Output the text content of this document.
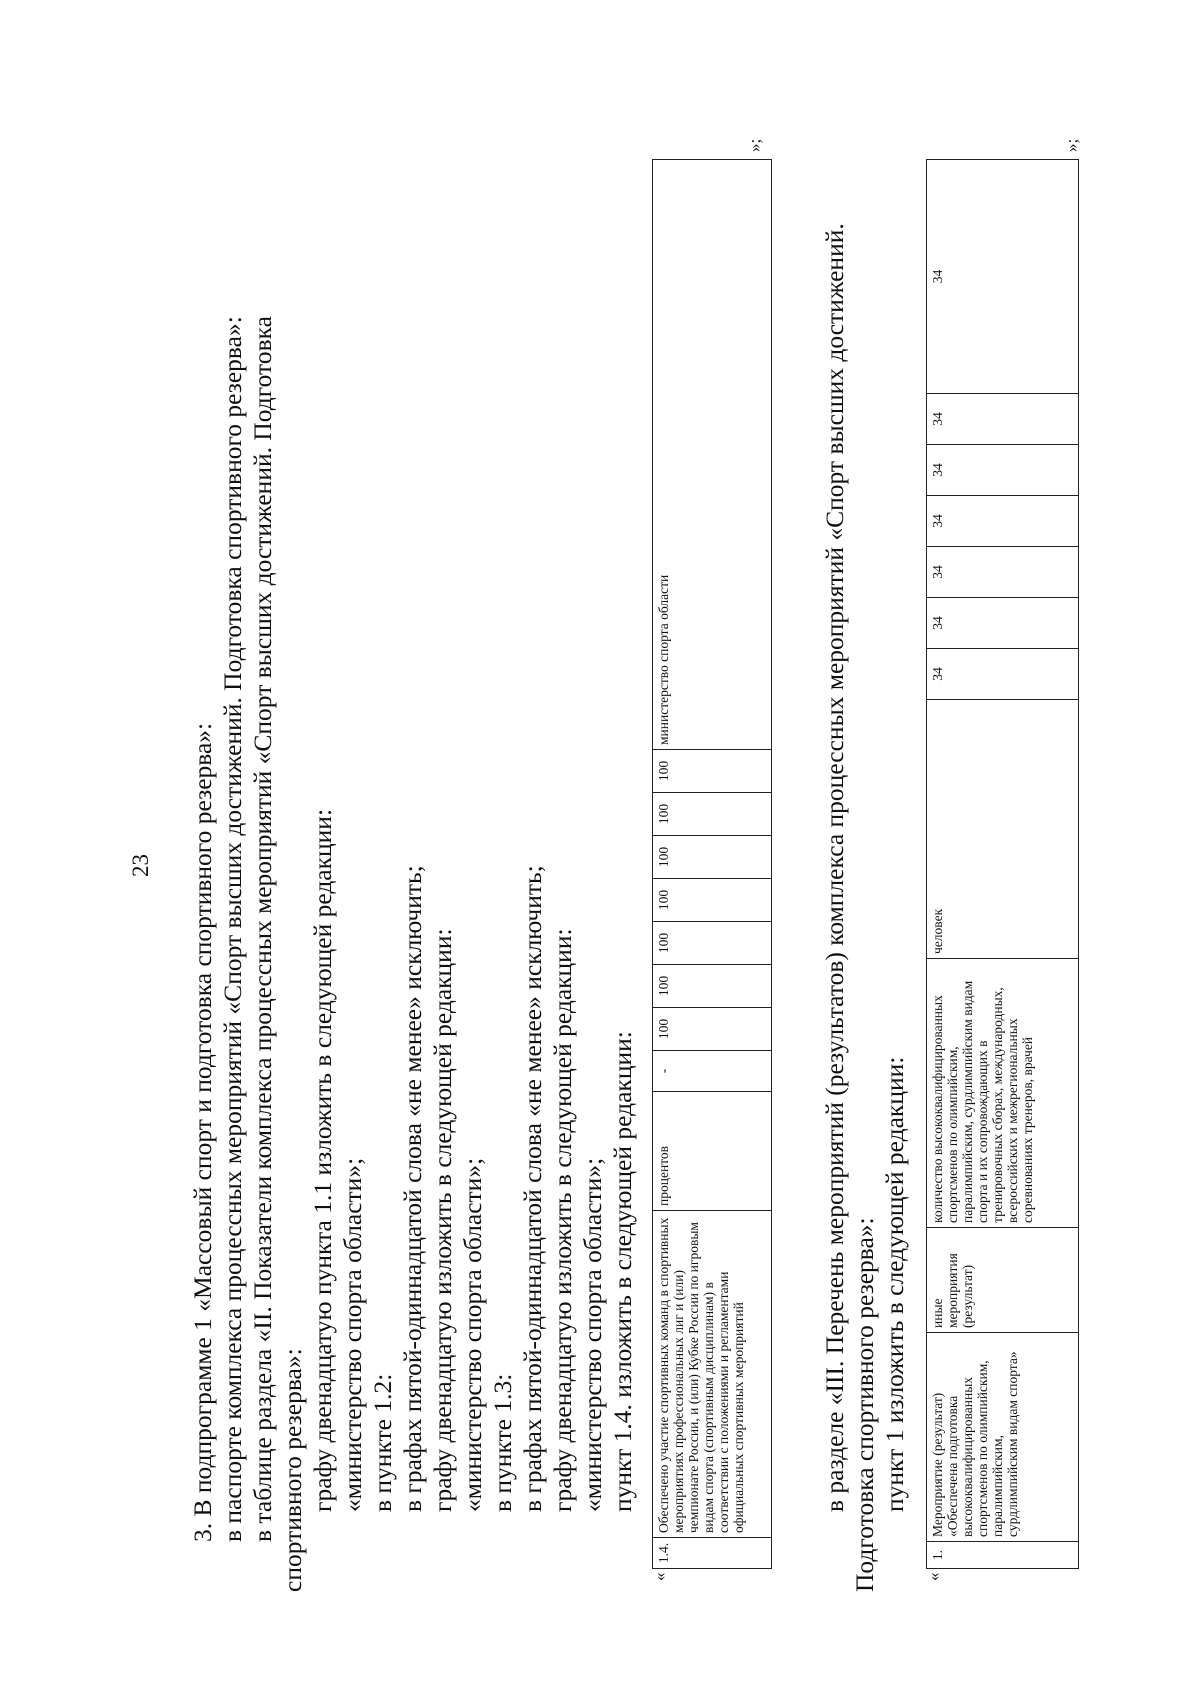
23 3. В подпрограмме 1 «Массовый спорт и подготовка спортивного резерва»: в паспорте комплекса процессных мероприятий «Спорт высших достижений. Подготовка спортивного резерва»: в таблице раздела «II. Показатели комплекса процессных мероприятий «Спорт высших достижений. Подготовка спортивного резерва»: графу двенадцатую пункта 1.1 изложить в следующей редакции: «министерство спорта области»; в пункте 1.2: в графах пятой-одиннадцатой слова «не менее» исключить; графу двенадцатую изложить в следующей редакции: «министерство спорта области»; в пункте 1.3: в графах пятой-одиннадцатой слова «не менее» исключить; графу двенадцатую изложить в следующей редакции: «министерство спорта области»; пункт 1.4. изложить в следующей редакции:
«
1.4.	Обеспечено участие спортивных команд в спортивных мероприятиях профессиональных лиг и (или) чемпионате России, и (или) Кубке России по игровым видам спорта (спортивным дисциплинам) в соответствии с положениями и регламентами официальных спортивных мероприятий	процентов	-	100	100	100	100	100	100	100	министерство спорта области
»;
в разделе «III. Перечень мероприятий (результатов) комплекса процессных мероприятий «Спорт высших достижений. Подготовка спортивного резерва»: пункт 1 изложить в следующей редакции:
«
1.	Мероприятие (результат) «Обеспечена подготовка высококвалифицированных спортсменов по олимпийским, паралимпийским, сурдлимпийским видам спорта»	иные мероприятия (результат)	количество высококвалифицированных спортсменов по олимпийским, паралимпийским, сурдлимпийским видам спорта и их сопровождающих в тренировочных сборах, международных, всероссийских и межрегиональных соревнованиях тренеров, врачей	человек	34	34	34	34	34	34	34
»;
